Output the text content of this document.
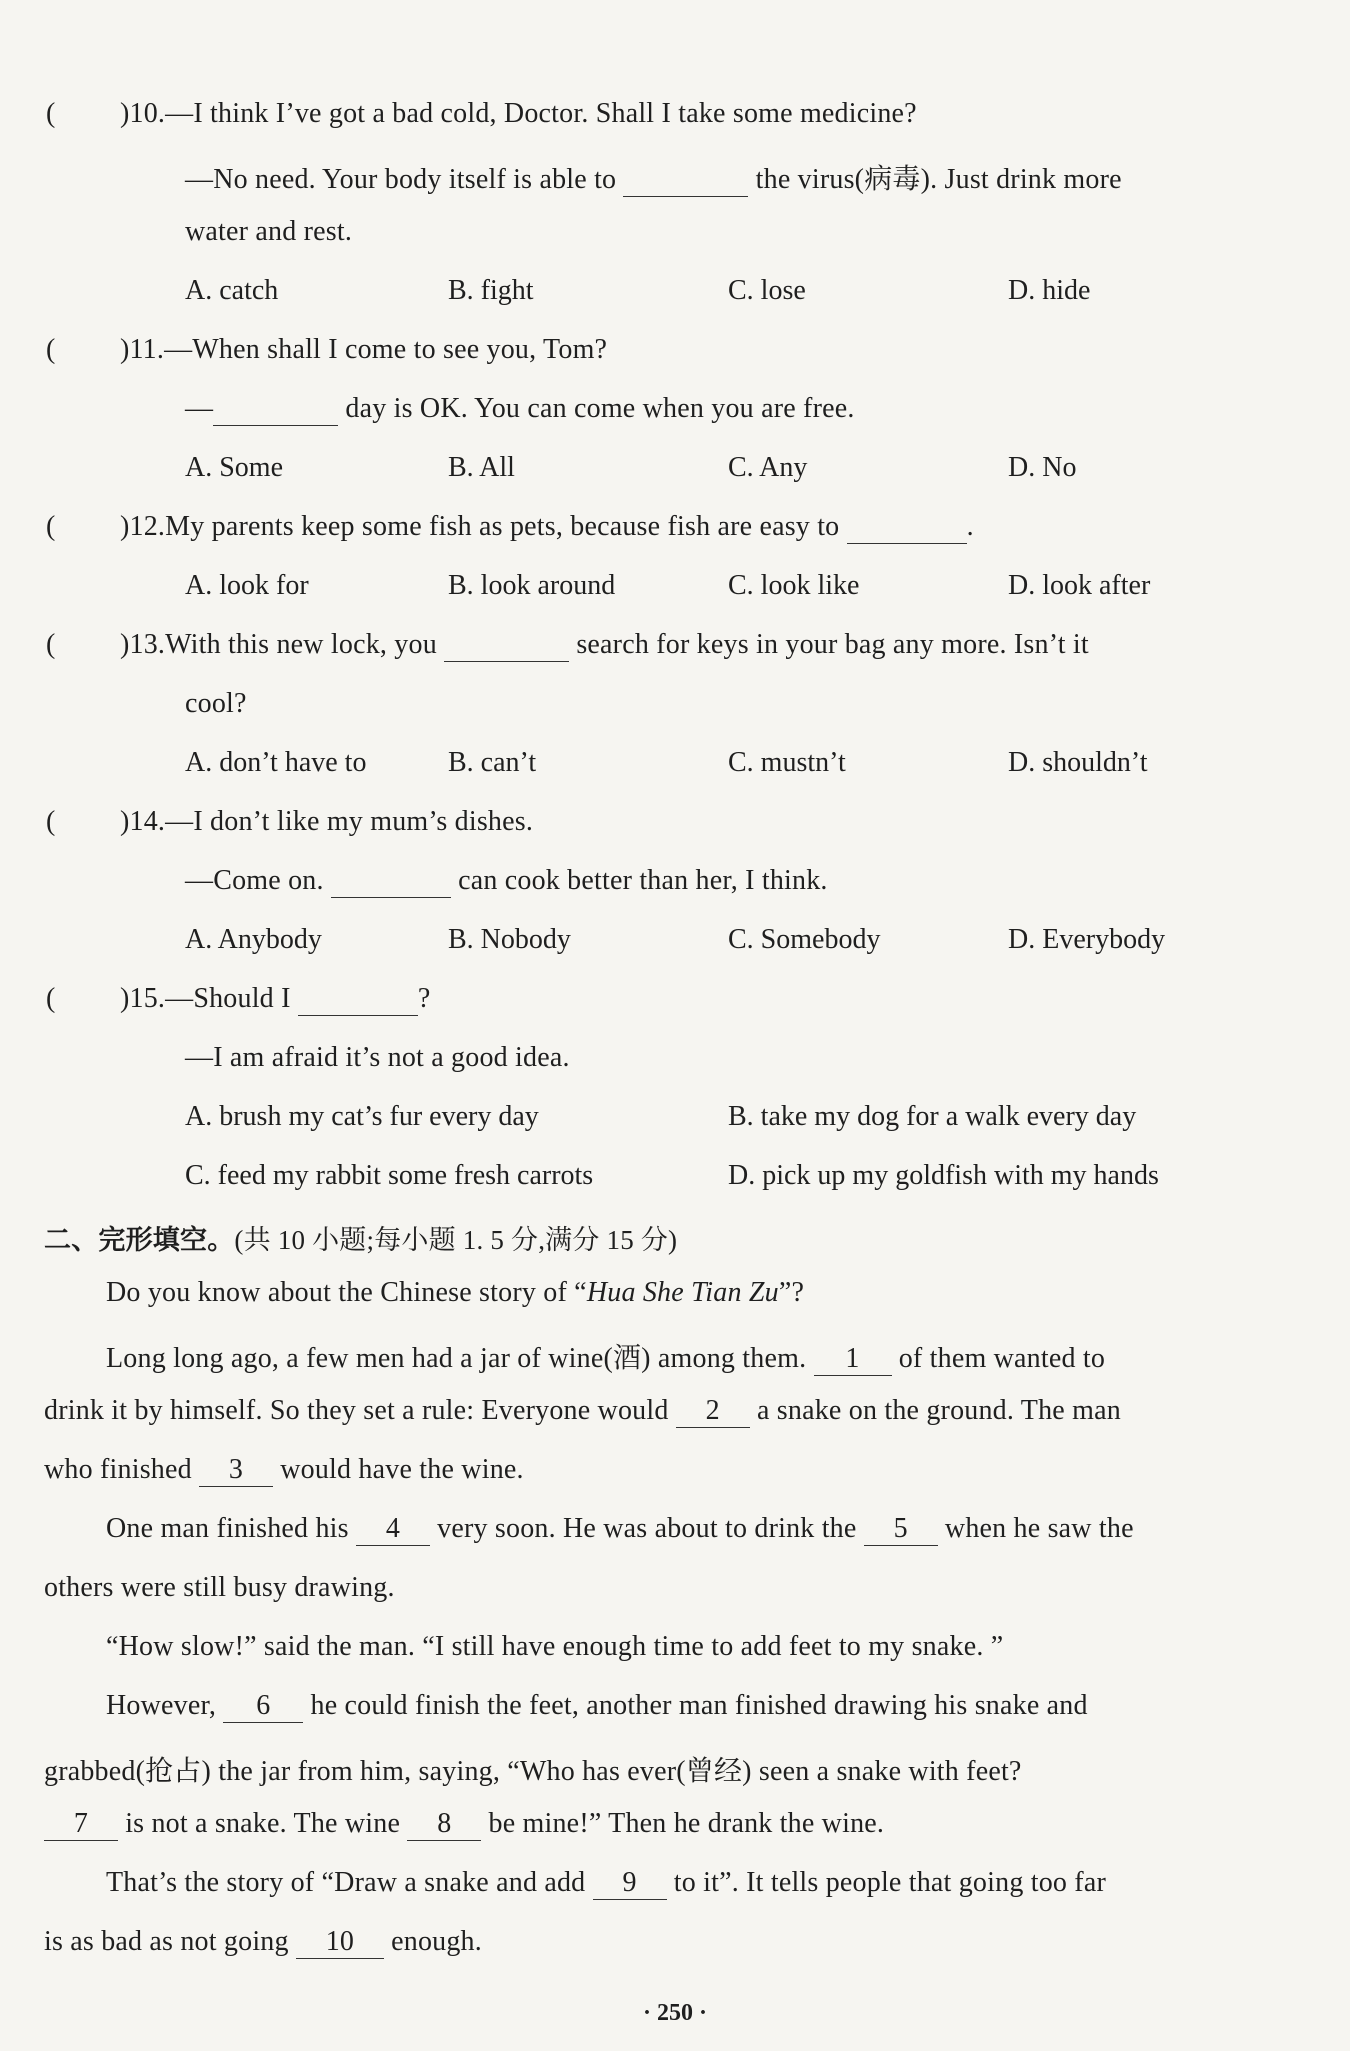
( )10.—I think I’ve got a bad cold, Doctor. Shall I take some medicine?
—No need. Your body itself is able to	the virus(病毒). Just drink more
water and rest.
A. catch	B. fight	C. lose	D. hide
( )11.—When shall I come to see you, Tom?
—	day is OK. You can come when you are free.
A. Some	B. All	C. Any	D. No
( )12.My parents keep some fish as pets, because fish are easy to	.
A. look for	B. look around	C. look like	D. look after
( )13.With this new lock, you	search for keys in your bag any more. Isn’t it
cool?
A. don’t have to	B. can’t	C. mustn’t	D. shouldn’t
( )14.—I don’t like my mum’s dishes.
—Come on.	can cook better than her, I think.
A. Anybody	B. Nobody	C. Somebody	D. Everybody
( )15.—Should I	?
—I am afraid it’s not a good idea.
A. brush my cat’s fur every day	B. take my dog for a walk every day
C. feed my rabbit some fresh carrots	D. pick up my goldfish with my hands
二、完形填空。(共 10 小题;每小题 1. 5 分,满分 15 分)
Do you know about the Chinese story of “Hua She Tian Zu”?
Long long ago, a few men had a jar of wine(酒) among them. 1 of them wanted to
drink it by himself. So they set a rule: Everyone would 2 a snake on the ground. The man
who finished 3 would have the wine.
One man finished his 4 very soon. He was about to drink the 5 when he saw the
others were still busy drawing.
“How slow!” said the man. “I still have enough time to add feet to my snake. ”
However, 6 he could finish the feet, another man finished drawing his snake and
grabbed(抢占) the jar from him, saying, “Who has ever(曾经) seen a snake with feet?
7 is not a snake. The wine 8 be mine!” Then he drank the wine.
That’s the story of “Draw a snake and add 9 to it”. It tells people that going too far
is as bad as not going 10 enough.
· 250 ·
